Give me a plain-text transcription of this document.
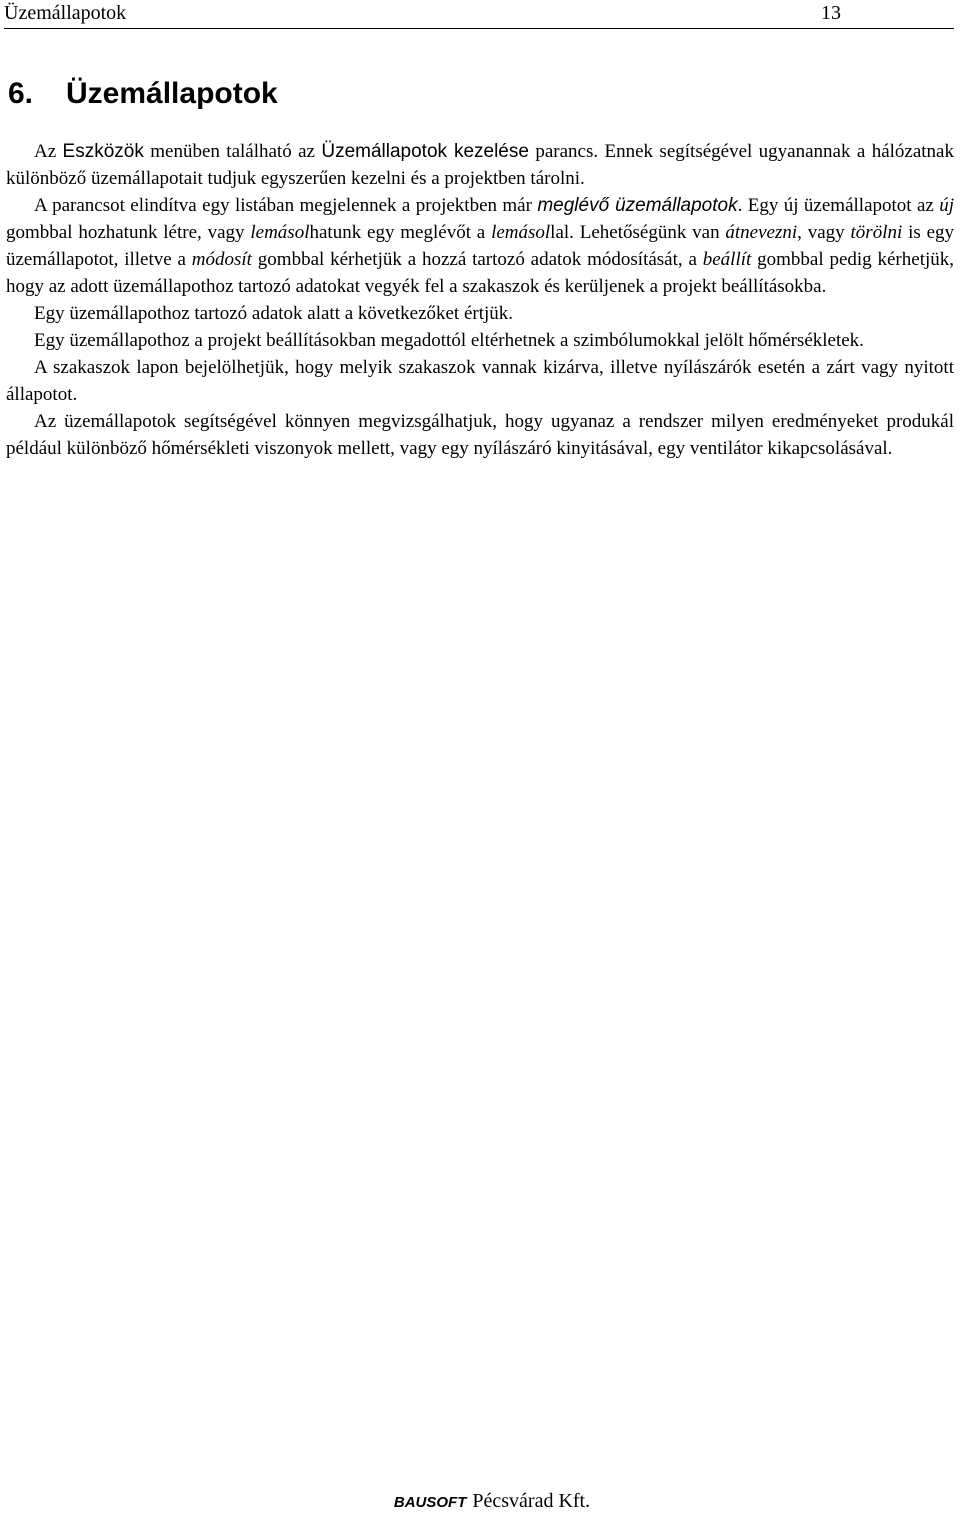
Üzemállapotok	13
6. Üzemállapotok

Az Eszközök menüben található az Üzemállapotok kezelése parancs. Ennek segítségével ugyanannak a hálózatnak különböző üzemállapotait tudjuk egyszerűen kezelni és a projektben tárolni.

A parancsot elindítva egy listában megjelennek a projektben már meglévő üzemállapotok. Egy új üzemállapotot az új gombbal hozhatunk létre, vagy lemásolhatunk egy meglévőt a lemásollal. Lehetőségünk van átnevezni, vagy törölni is egy üzemállapotot, illetve a módosít gombbal kérhetjük a hozzá tartozó adatok módosítását, a beállít gombbal pedig kérhetjük, hogy az adott üzemállapothoz tartozó adatokat vegyék fel a szakaszok és kerüljenek a projekt beállításokba.

Egy üzemállapothoz tartozó adatok alatt a következőket értjük.

Egy üzemállapothoz a projekt beállításokban megadottól eltérhetnek a szimbólumokkal jelölt hőmérsékletek.

A szakaszok lapon bejelölhetjük, hogy melyik szakaszok vannak kizárva, illetve nyílászárók esetén a zárt vagy nyitott állapotot.

Az üzemállapotok segítségével könnyen megvizsgálhatjuk, hogy ugyanaz a rendszer milyen eredményeket produkál például különböző hőmérsékleti viszonyok mellett, vagy egy nyílászáró kinyitásával, egy ventilátor kikapcsolásával.

BAUSOFT Pécsvárad Kft.
